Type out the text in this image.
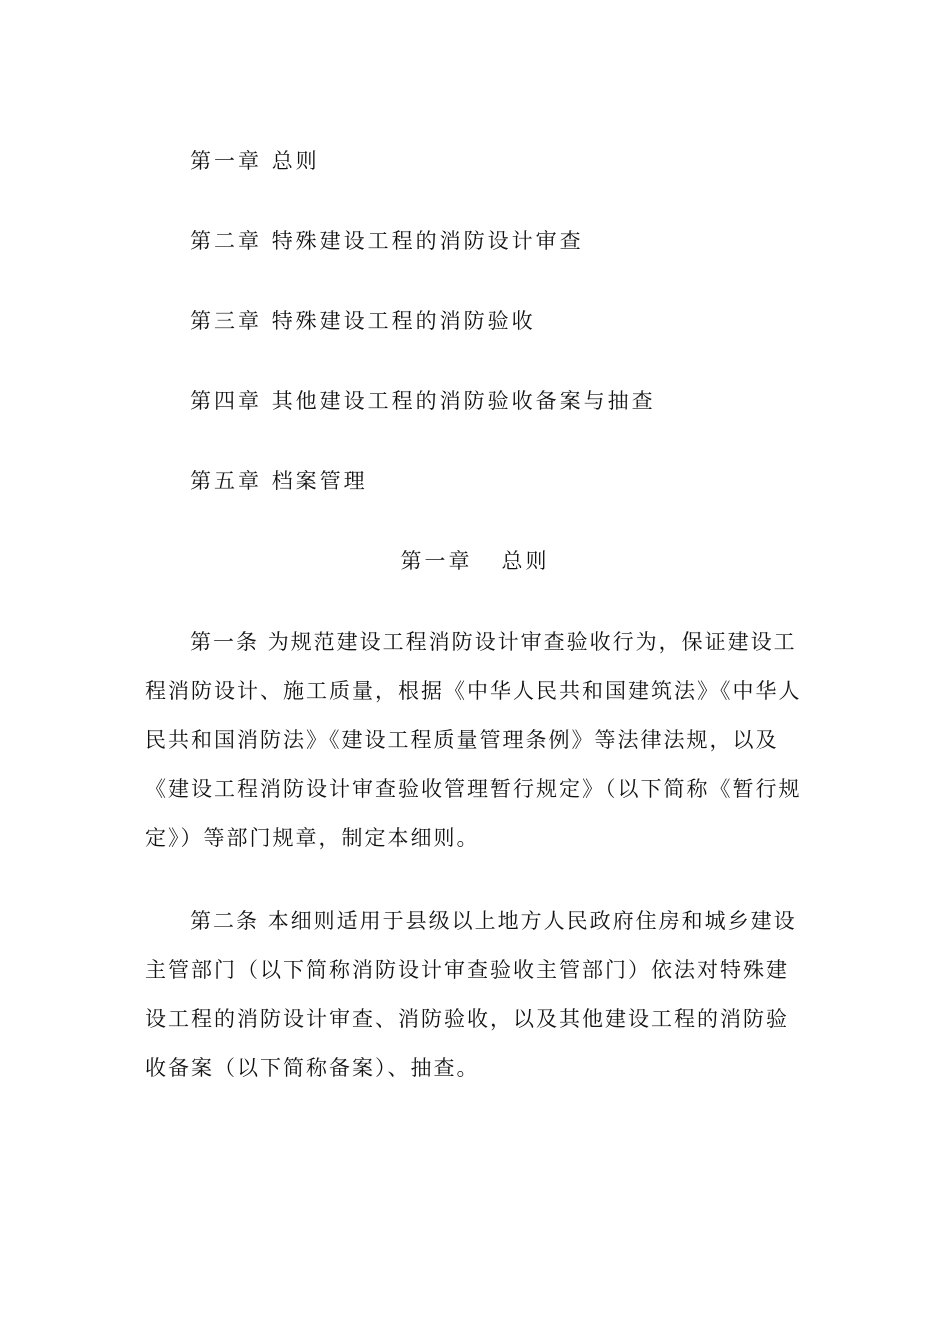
第一章 总则
第二章 特殊建设工程的消防设计审查
第三章 特殊建设工程的消防验收
第四章 其他建设工程的消防验收备案与抽查
第五章 档案管理
第一章 总则

第一条 为规范建设工程消防设计审查验收行为，保证建设工程消防设计、施工质量，根据《中华人民共和国建筑法》《中华人民共和国消防法》《建设工程质量管理条例》等法律法规，以及《建设工程消防设计审查验收管理暂行规定》（以下简称《暂行规定》）等部门规章，制定本细则。

第二条 本细则适用于县级以上地方人民政府住房和城乡建设主管部门（以下简称消防设计审查验收主管部门）依法对特殊建设工程的消防设计审查、消防验收，以及其他建设工程的消防验收备案（以下简称备案）、抽查。
